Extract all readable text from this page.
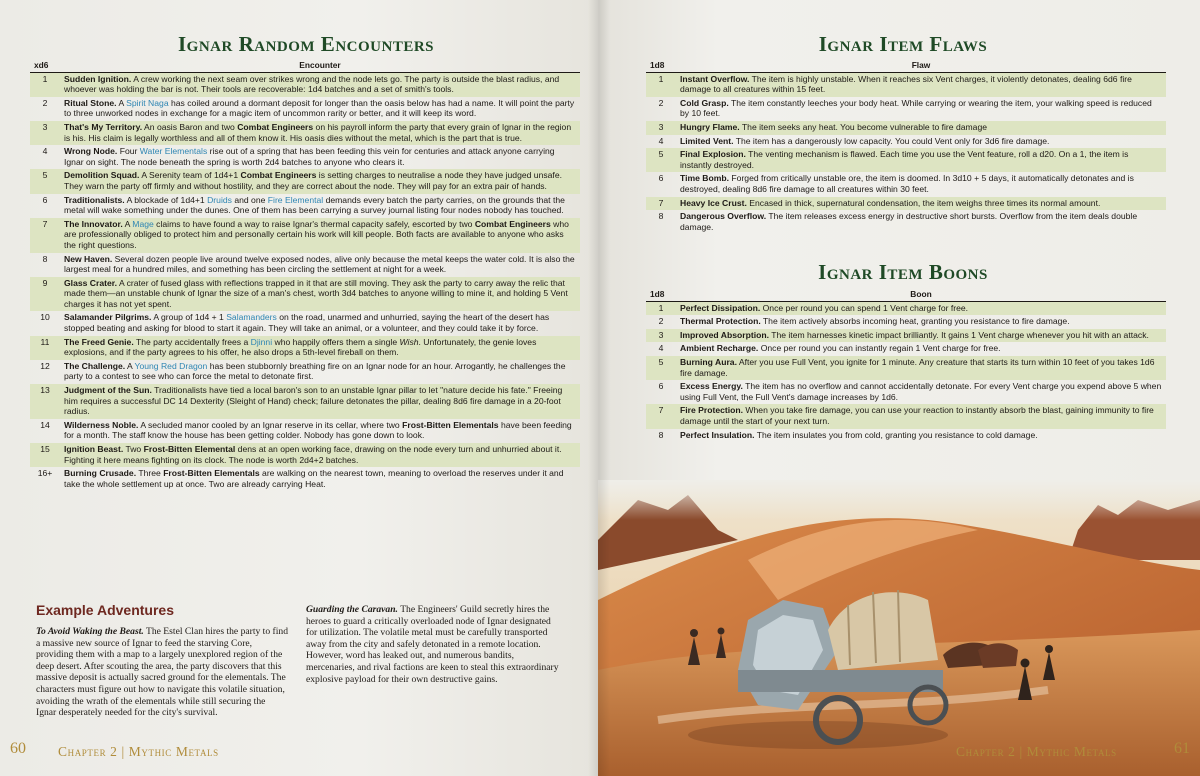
Ignar Random Encounters
xd6	Encounter
1	Sudden Ignition. A crew working the next seam over strikes wrong and the node lets go. The party is outside the blast radius, and whoever was holding the bar is not. Their tools are recoverable: 1d4 batches and a set of smith's tools.
2	Ritual Stone. A Spirit Naga has coiled around a dormant deposit for longer than the oasis below has had a name. It will point the party to three unworked nodes in exchange for a magic item of uncommon rarity or better, and it will keep its word.
3	That's My Territory. An oasis Baron and two Combat Engineers on his payroll inform the party that every grain of Ignar in the region is his. His claim is legally worthless and all of them know it. His oasis dies without the metal, which is the part that is true.
4	Wrong Node. Four Water Elementals rise out of a spring that has been feeding this vein for centuries and attack anyone carrying Ignar on sight. The node beneath the spring is worth 2d4 batches to anyone who clears it.
5	Demolition Squad. A Serenity team of 1d4+1 Combat Engineers is setting charges to neutralise a node they have judged unsafe. They warn the party off firmly and without hostility, and they are correct about the node. They will pay for an extra pair of hands.
6	Traditionalists. A blockade of 1d4+1 Druids and one Fire Elemental demands every batch the party carries, on the grounds that the metal will wake something under the dunes. One of them has been carrying a survey journal listing four nodes nobody has touched.
7	The Innovator. A Mage claims to have found a way to raise Ignar's thermal capacity safely, escorted by two Combat Engineers who are professionally obliged to protect him and personally certain his work will kill people. Both facts are available to anyone who asks the right questions.
8	New Haven. Several dozen people live around twelve exposed nodes, alive only because the metal keeps the water cold. It is also the largest meal for a hundred miles, and something has been circling the settlement at night for a week.
9	Glass Crater. A crater of fused glass with reflections trapped in it that are still moving. They ask the party to carry away the relic that made them—an unstable chunk of Ignar the size of a man's chest, worth 3d4 batches to anyone willing to mine it, and holding 5 Vent charges it has not yet spent.
10	Salamander Pilgrims. A group of 1d4 + 1 Salamanders on the road, unarmed and unhurried, saying the heart of the desert has stopped beating and asking for blood to start it again. They will take an animal, or a volunteer, and they could take it by force.
11	The Freed Genie. The party accidentally frees a Djinni who happily offers them a single Wish. Unfortunately, the genie loves explosions, and if the party agrees to his offer, he also drops a 5th-level fireball on them.
12	The Challenge. A Young Red Dragon has been stubbornly breathing fire on an Ignar node for an hour. Arrogantly, he challenges the party to a contest to see who can force the metal to detonate first.
13	Judgment of the Sun. Traditionalists have tied a local baron's son to an unstable Ignar pillar to let "nature decide his fate." Freeing him requires a successful DC 14 Dexterity (Sleight of Hand) check; failure detonates the pillar, dealing 8d6 fire damage in a 20-foot radius.
14	Wilderness Noble. A secluded manor cooled by an Ignar reserve in its cellar, where two Frost-Bitten Elementals have been feeding for a month. The staff know the house has been getting colder. Nobody has gone down to look.
15	Ignition Beast. Two Frost-Bitten Elemental dens at an open working face, drawing on the node every turn and unhurried about it. Fighting it here means fighting on its clock. The node is worth 2d4+2 batches.
16+	Burning Crusade. Three Frost-Bitten Elementals are walking on the nearest town, meaning to overload the reserves under it and take the whole settlement up at once. Two are already carrying Heat.
Example Adventures

To Avoid Waking the Beast. The Estel Clan hires the party to find a massive new source of Ignar to feed the starving Core, providing them with a map to a largely unexplored region of the deep desert. After scouting the area, the party discovers that this massive deposit is actually sacred ground for the elementals. The characters must figure out how to navigate this volatile situation, avoiding the wrath of the elementals while still securing the Ignar desperately needed for the city's survival.

Guarding the Caravan. The Engineers' Guild secretly hires the heroes to guard a critically overloaded node of Ignar designated for utilization. The volatile metal must be carefully transported away from the city and safely detonated in a remote location. However, word has leaked out, and numerous bandits, mercenaries, and rival factions are keen to steal this extraordinary explosive payload for their own destructive gains.

60 Chapter 2 | Mythic Metals
Ignar Item Flaws
1d8	Flaw
1	Instant Overflow. The item is highly unstable. When it reaches six Vent charges, it violently detonates, dealing 6d6 fire damage to all creatures within 15 feet.
2	Cold Grasp. The item constantly leeches your body heat. While carrying or wearing the item, your walking speed is reduced by 10 feet.
3	Hungry Flame. The item seeks any heat. You become vulnerable to fire damage
4	Limited Vent. The item has a dangerously low capacity. You could Vent only for 3d6 fire damage.
5	Final Explosion. The venting mechanism is flawed. Each time you use the Vent feature, roll a d20. On a 1, the item is instantly destroyed.
6	Time Bomb. Forged from critically unstable ore, the item is doomed. In 3d10 + 5 days, it automatically detonates and is destroyed, dealing 8d6 fire damage to all creatures within 30 feet.
7	Heavy Ice Crust. Encased in thick, supernatural condensation, the item weighs three times its normal amount.
8	Dangerous Overflow. The item releases excess energy in destructive short bursts. Overflow from the item deals double damage.
Ignar Item Boons
1d8	Boon
1	Perfect Dissipation. Once per round you can spend 1 Vent charge for free.
2	Thermal Protection. The item actively absorbs incoming heat, granting you resistance to fire damage.
3	Improved Absorption. The item harnesses kinetic impact brilliantly. It gains 1 Vent charge whenever you hit with an attack.
4	Ambient Recharge. Once per round you can instantly regain 1 Vent charge for free.
5	Burning Aura. After you use Full Vent, you ignite for 1 minute. Any creature that starts its turn within 10 feet of you takes 1d6 fire damage.
6	Excess Energy. The item has no overflow and cannot accidentally detonate. For every Vent charge you expend above 5 when using Full Vent, the Full Vent's damage increases by 1d6.
7	Fire Protection. When you take fire damage, you can use your reaction to instantly absorb the blast, gaining immunity to fire damage until the start of your next turn.
8	Perfect Insulation. The item insulates you from cold, granting you resistance to cold damage.
Chapter 2 | Mythic Metals	61
